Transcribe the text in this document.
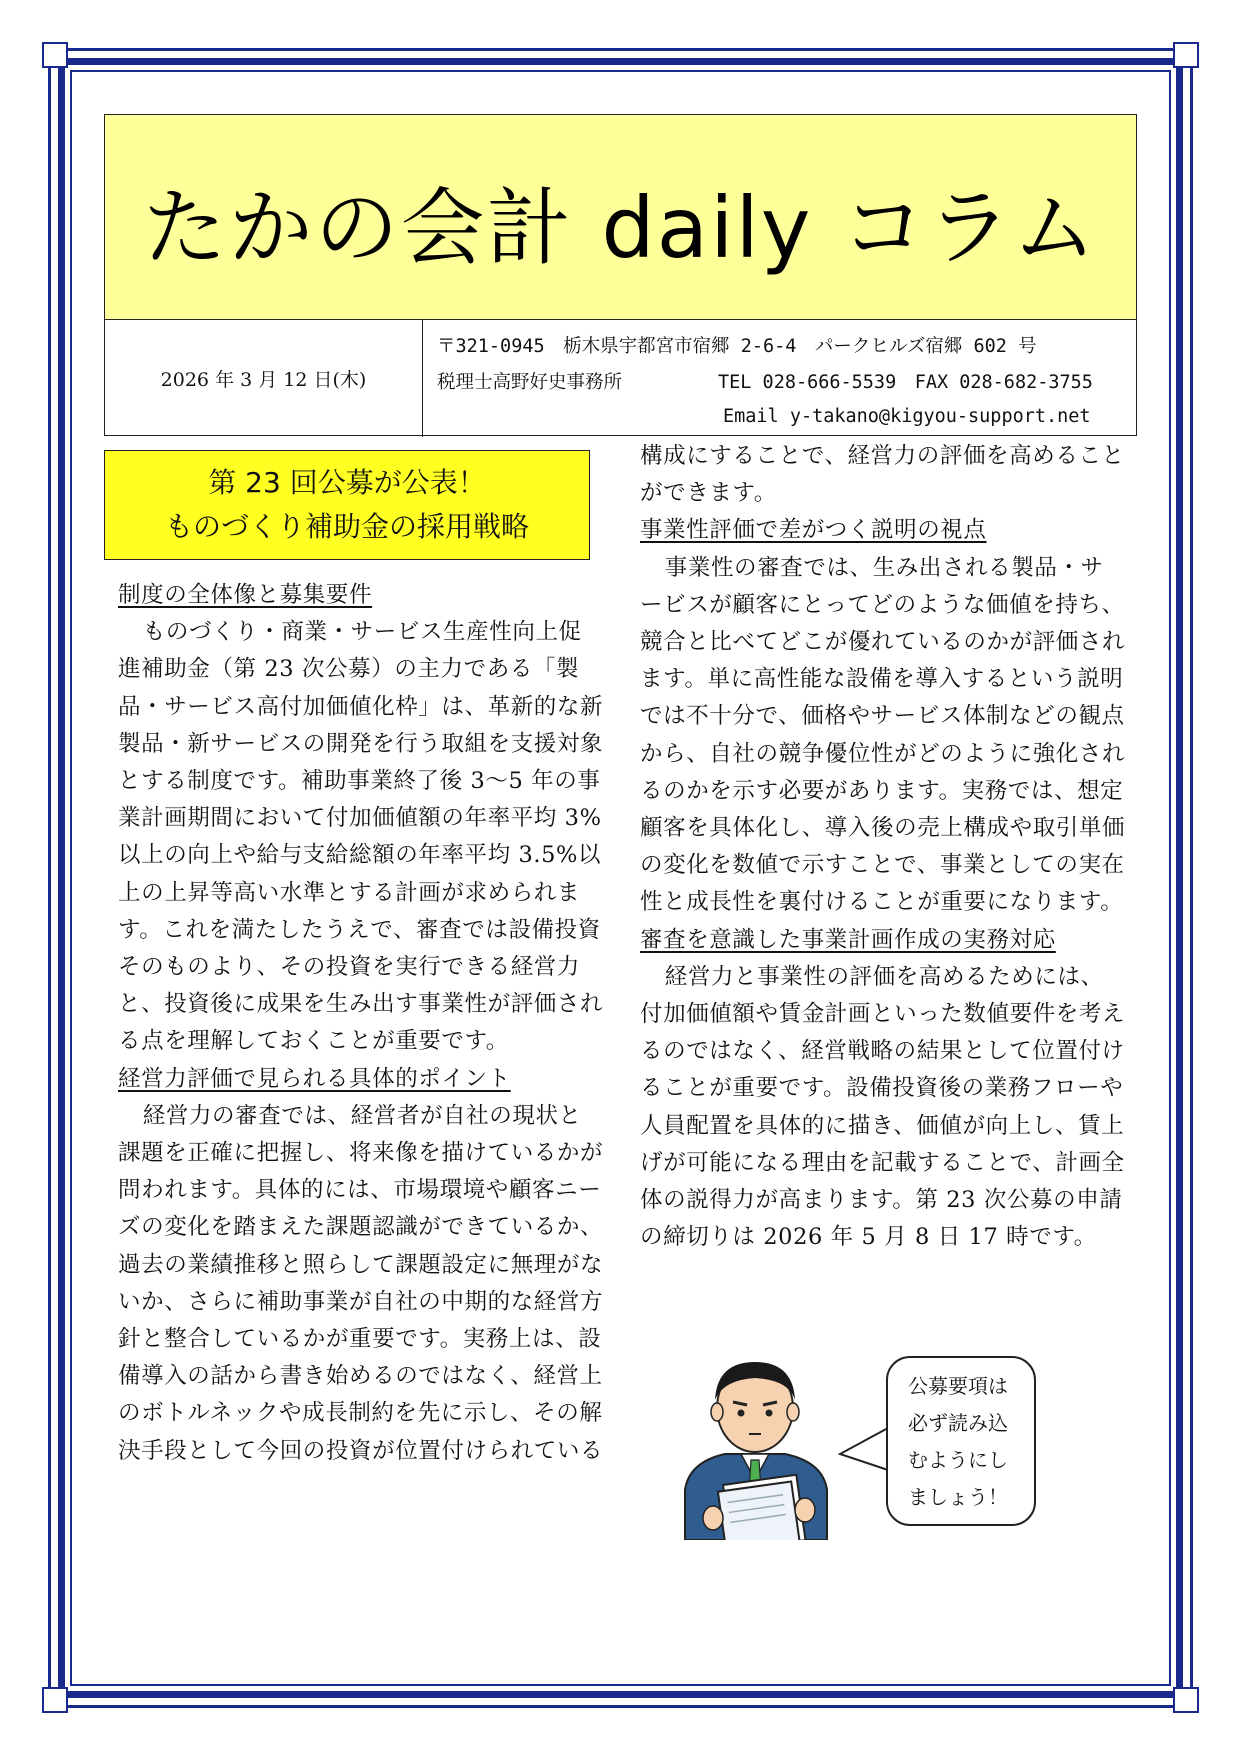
たかの会計 daily コラム
2026 年 3 月 12 日(木)
〒321-0945　栃木県宇都宮市宿郷 2-6-4　パークヒルズ宿郷 602 号
税理士高野好史事務所	TEL 028-666-5539　FAX 028-682-3755
Email y-takano@kigyou-support.net
第 23 回公募が公表！
ものづくり補助金の採用戦略

制度の全体像と募集要件

ものづくり・商業・サービス生産性向上促進補助金（第 23 次公募）の主力である「製品・サービス高付加価値化枠」は、革新的な新製品・新サービスの開発を行う取組を支援対象とする制度です。補助事業終了後 3～5 年の事業計画期間において付加価値額の年率平均 3%以上の向上や給与支給総額の年率平均 3.5%以上の上昇等高い水準とする計画が求められます。これを満たしたうえで、審査では設備投資そのものより、その投資を実行できる経営力と、投資後に成果を生み出す事業性が評価される点を理解しておくことが重要です。

経営力評価で見られる具体的ポイント

経営力の審査では、経営者が自社の現状と課題を正確に把握し、将来像を描けているかが問われます。具体的には、市場環境や顧客ニーズの変化を踏まえた課題認識ができているか、過去の業績推移と照らして課題設定に無理がないか、さらに補助事業が自社の中期的な経営方針と整合しているかが重要です。実務上は、設備導入の話から書き始めるのではなく、経営上のボトルネックや成長制約を先に示し、その解決手段として今回の投資が位置付けられている

構成にすることで、経営力の評価を高めることができます。

事業性評価で差がつく説明の視点

事業性の審査では、生み出される製品・サービスが顧客にとってどのような価値を持ち、競合と比べてどこが優れているのかが評価されます。単に高性能な設備を導入するという説明では不十分で、価格やサービス体制などの観点から、自社の競争優位性がどのように強化されるのかを示す必要があります。実務では、想定顧客を具体化し、導入後の売上構成や取引単価の変化を数値で示すことで、事業としての実在性と成長性を裏付けることが重要になります。

審査を意識した事業計画作成の実務対応

経営力と事業性の評価を高めるためには、付加価値額や賃金計画といった数値要件を考えるのではなく、経営戦略の結果として位置付けることが重要です。設備投資後の業務フローや人員配置を具体的に描き、価値が向上し、賃上げが可能になる理由を記載することで、計画全体の説得力が高まります。第 23 次公募の申請の締切りは 2026 年 5 月 8 日 17 時です。

公募要項は
必ず読み込
むようにし
ましょう！
